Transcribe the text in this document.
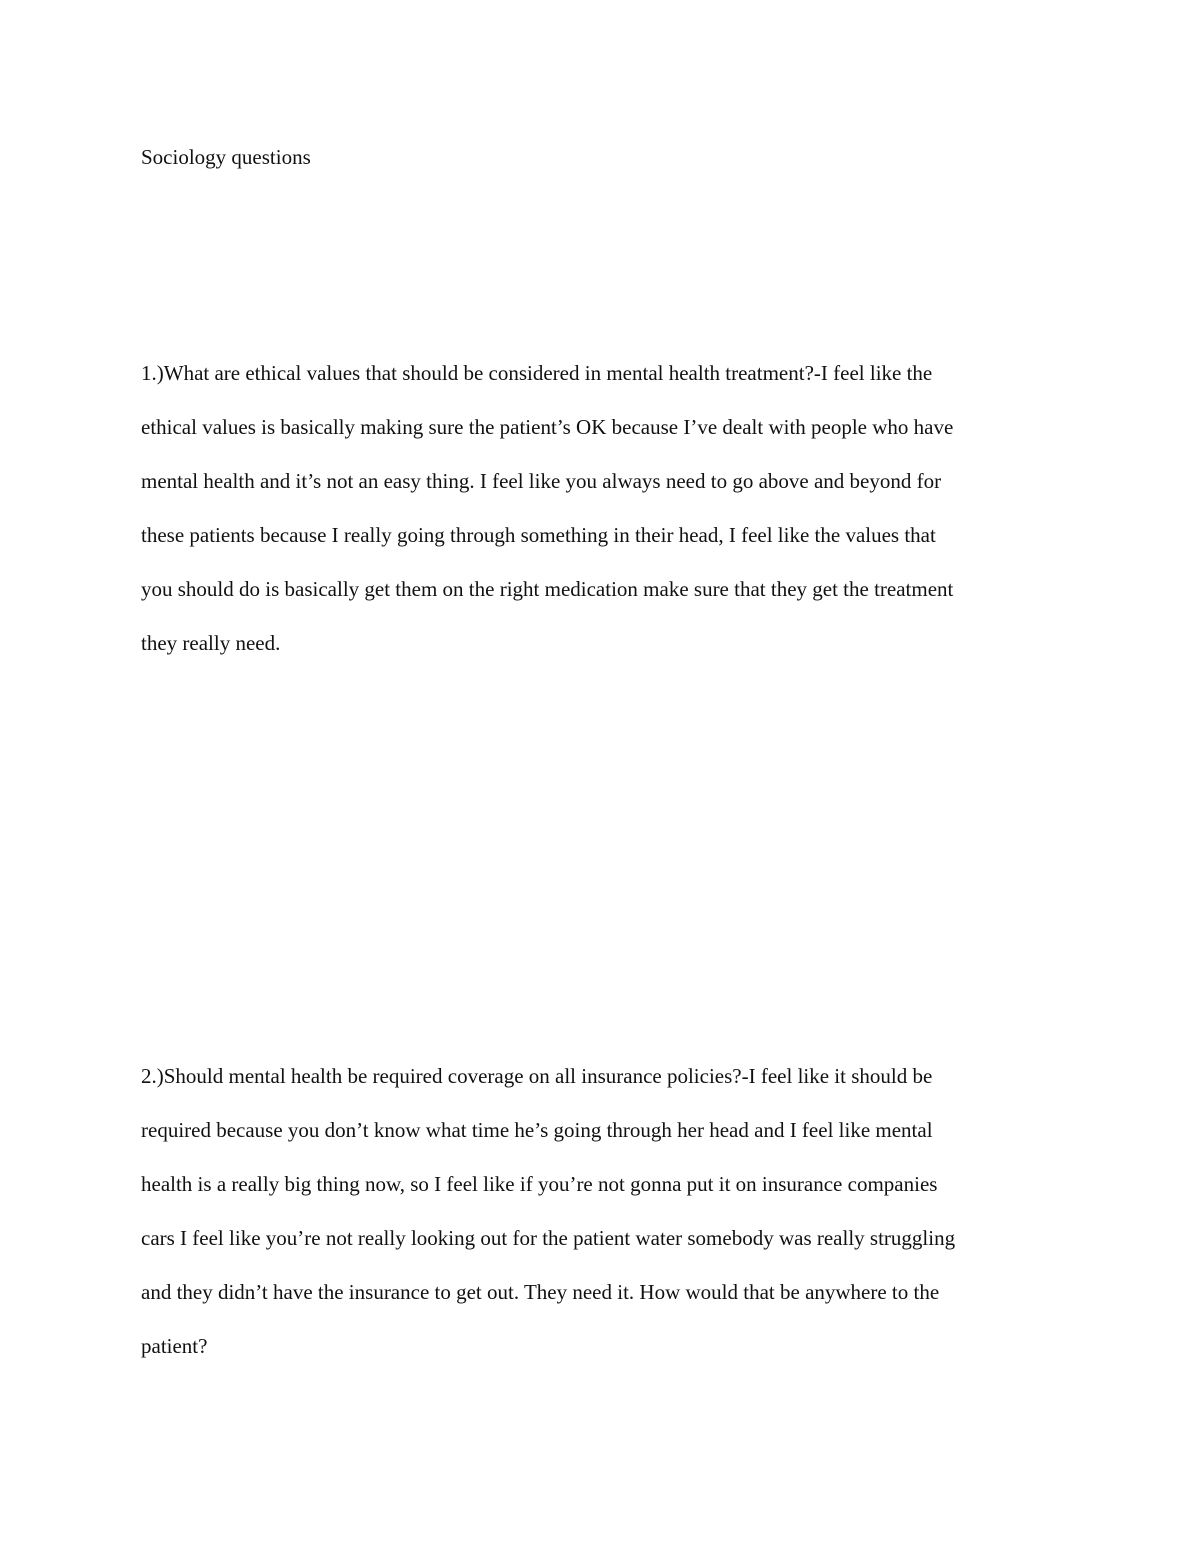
Sociology questions
1.)What are ethical values that should be considered in mental health treatment?-I feel like the
ethical values is basically making sure the patient’s OK because I’ve dealt with people who have
mental health and it’s not an easy thing. I feel like you always need to go above and beyond for
these patients because I really going through something in their head, I feel like the values that
you should do is basically get them on the right medication make sure that they get the treatment
they really need.
2.)Should mental health be required coverage on all insurance policies?-I feel like it should be
required because you don’t know what time he’s going through her head and I feel like mental
health is a really big thing now, so I feel like if you’re not gonna put it on insurance companies
cars I feel like you’re not really looking out for the patient water somebody was really struggling
and they didn’t have the insurance to get out. They need it. How would that be anywhere to the
patient?
